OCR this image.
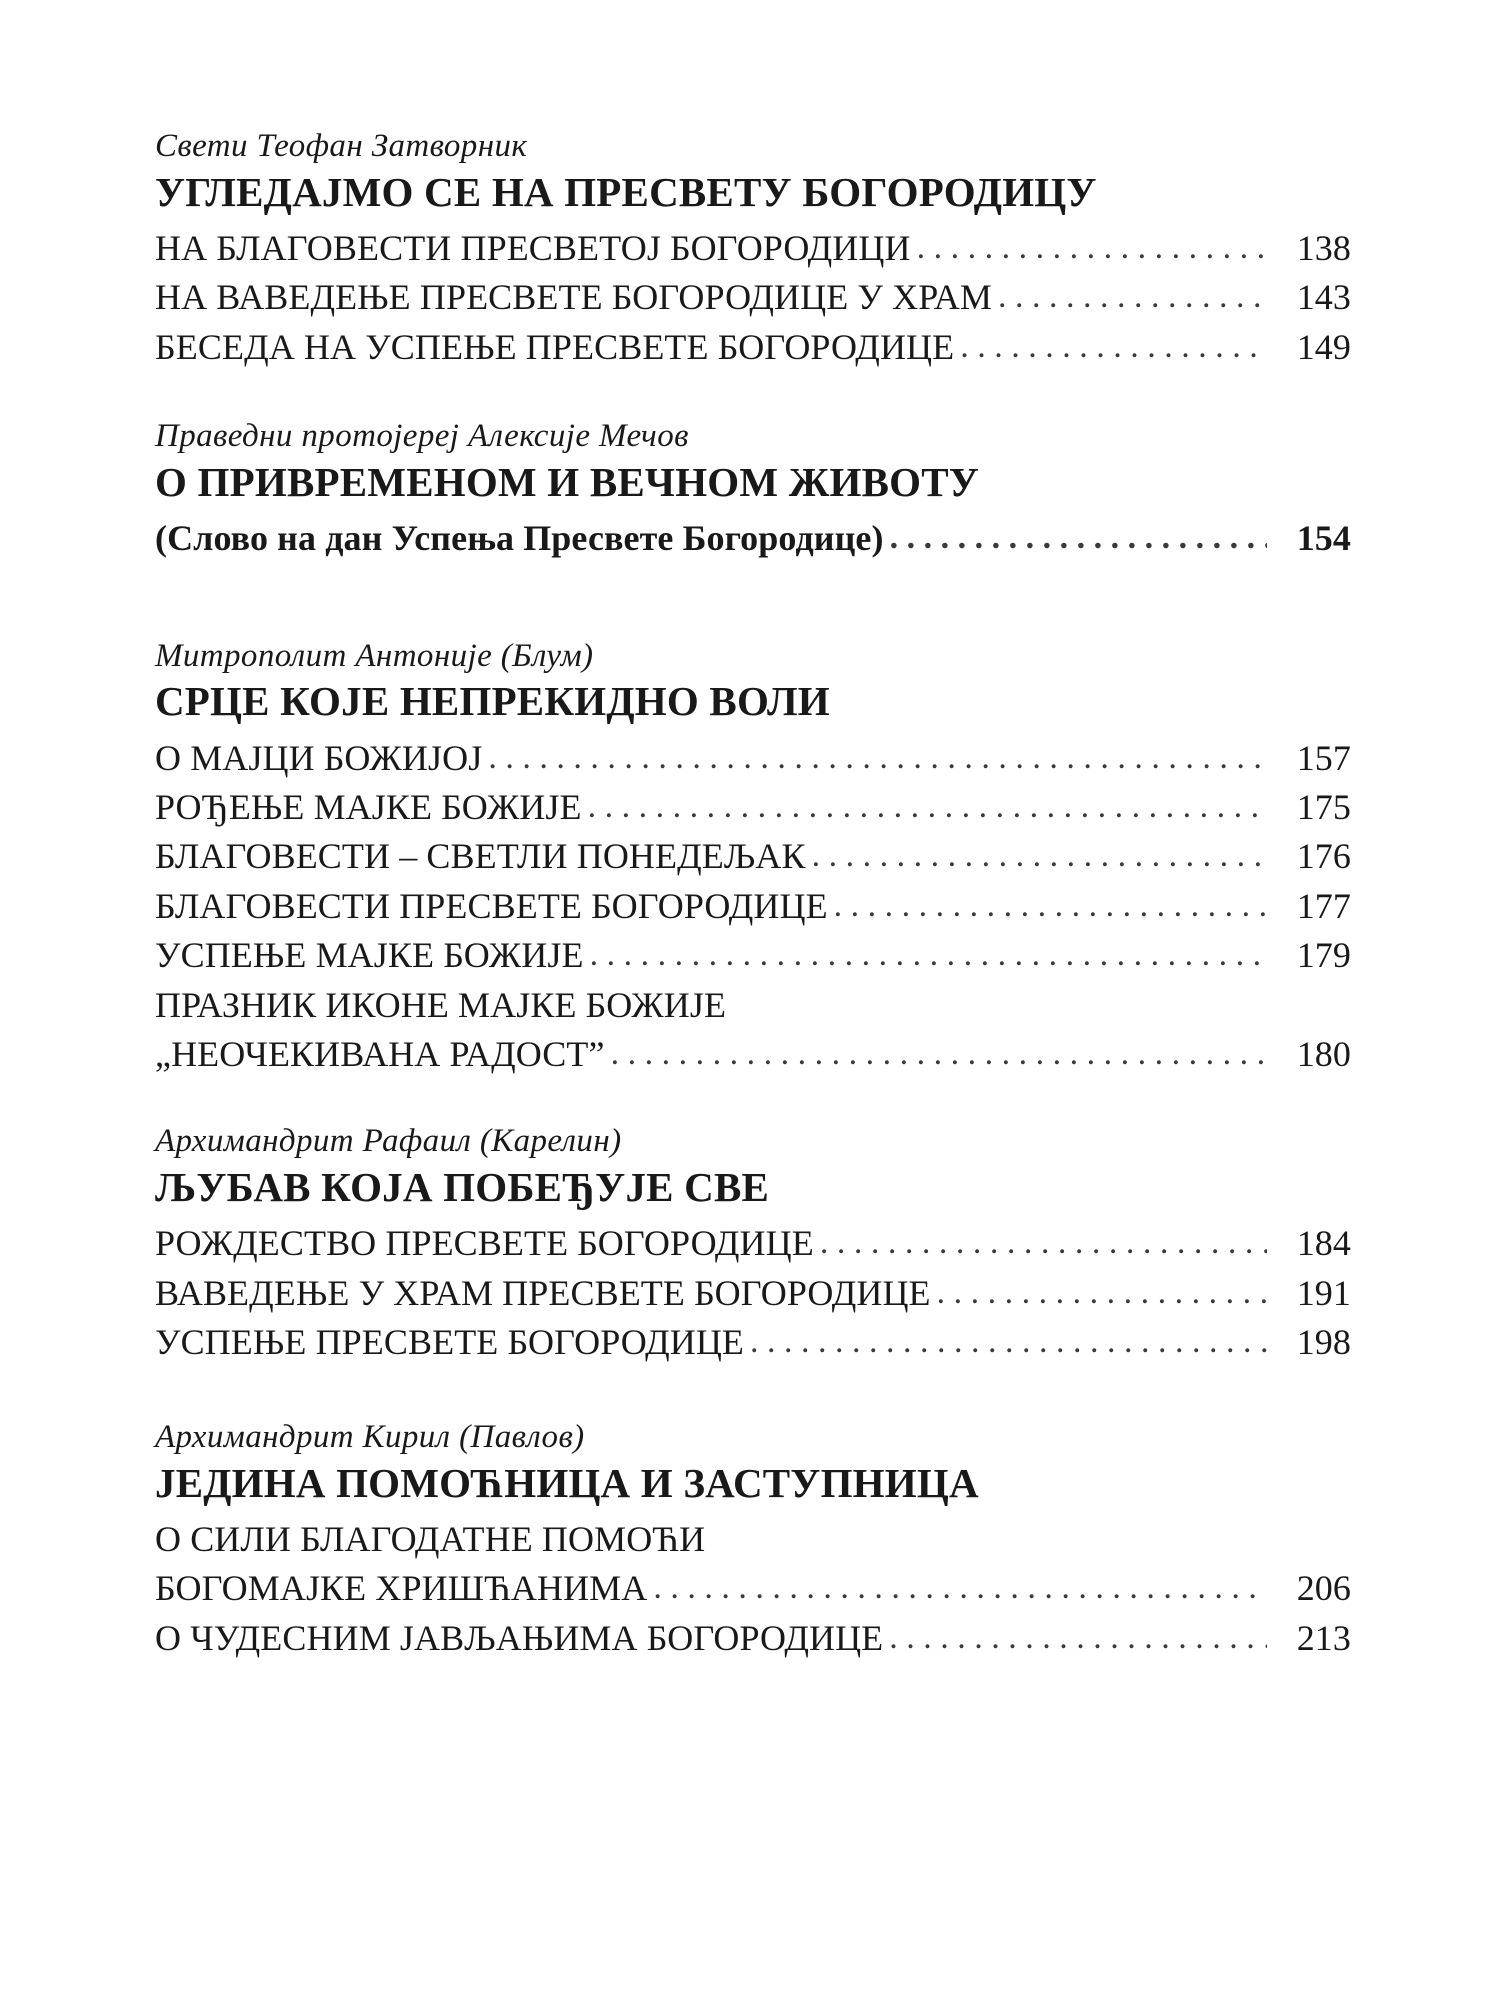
Свети Теофан Затворник
УГЛЕДАЈМО СЕ НА ПРЕСВЕТУ БОГОРОДИЦУ
НА БЛАГОВЕСТИ ПРЕСВЕТОЈ БОГОРОДИЦИ . . .	138
НА ВАВЕДЕЊЕ ПРЕСВЕТЕ БОГОРОДИЦЕ У ХРАМ . . .	143
БЕСЕДА НА УСПЕЊЕ ПРЕСВЕТЕ БОГОРОДИЦЕ . . .	149
Праведни протојереј Алексије Мечов
О ПРИВРЕМЕНОМ И ВЕЧНОМ ЖИВОТУ
(Слово на дан Успења Пресвете Богородице) . . .	154
Митрополит Антоније (Блум)
СРЦЕ КОЈЕ НЕПРЕКИДНО ВОЛИ
О МАЈЦИ БОЖИЈОЈ . . .	157
РОЂЕЊЕ МАЈКЕ БОЖИЈЕ . . .	175
БЛАГОВЕСТИ – СВЕТЛИ ПОНЕДЕЉАК . . .	176
БЛАГОВЕСТИ ПРЕСВЕТЕ БОГОРОДИЦЕ . . .	177
УСПЕЊЕ МАЈКЕ БОЖИЈЕ . . .	179
ПРАЗНИК ИКОНЕ МАЈКЕ БОЖИЈЕ
„НЕОЧЕКИВАНА РАДОСТ” . . .	180
Архимандрит Рафаил (Карелин)
ЉУБАВ КОЈА ПОБЕЂУЈЕ СВЕ
РОЖДЕСТВО ПРЕСВЕТЕ БОГОРОДИЦЕ . . .	184
ВАВЕДЕЊЕ У ХРАМ ПРЕСВЕТЕ БОГОРОДИЦЕ . . .	191
УСПЕЊЕ ПРЕСВЕТЕ БОГОРОДИЦЕ . . .	198
Архимандрит Кирил (Павлов)
ЈЕДИНА ПОМОЋНИЦА И ЗАСТУПНИЦА
О СИЛИ БЛАГОДАТНЕ ПОМОЋИ
БОГОМАЈКЕ ХРИШЋАНИМА . . .	206
О ЧУДЕСНИМ ЈАВЉАЊИМА БОГОРОДИЦЕ . . .	213
